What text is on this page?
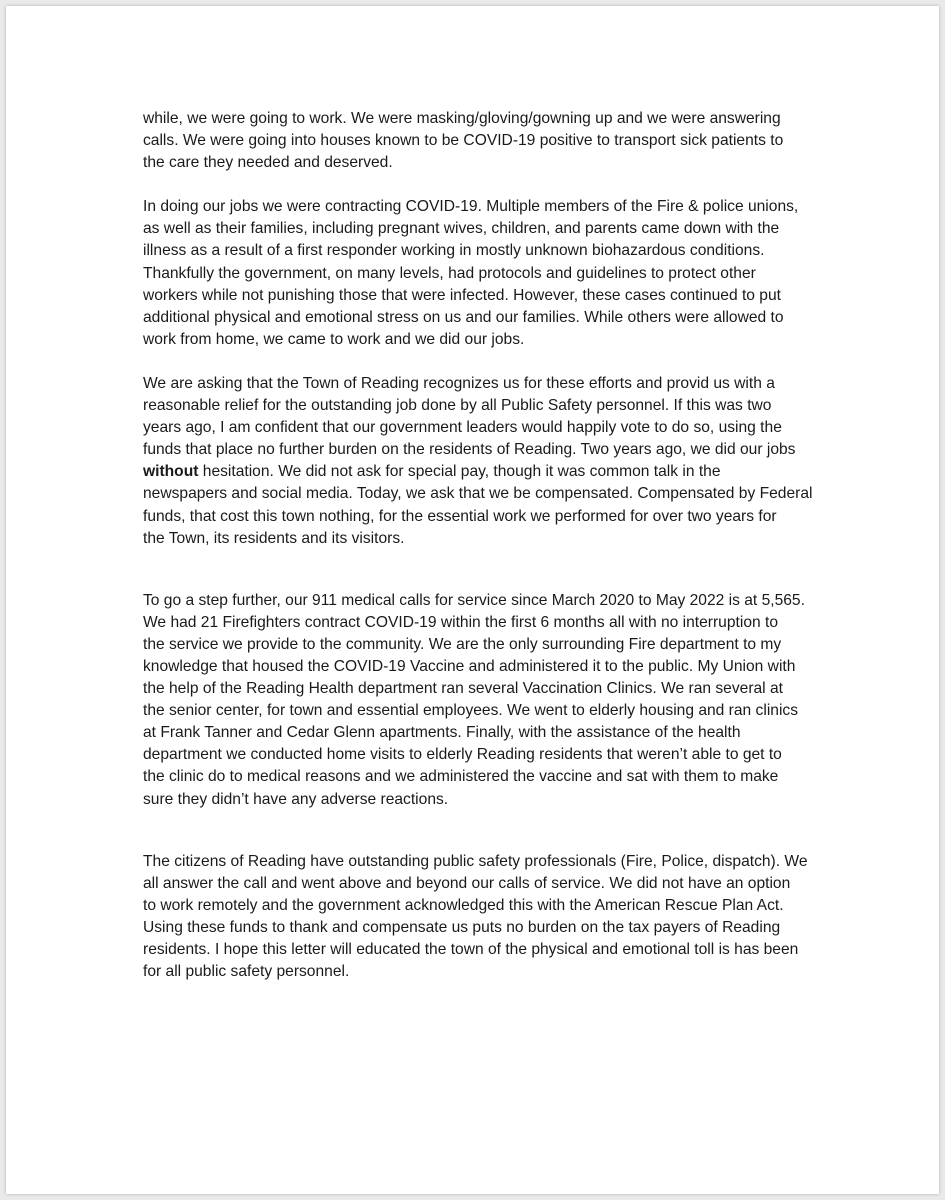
while, we were going to work. We were masking/gloving/gowning up and we were answering
calls. We were going into houses known to be COVID-19 positive to transport sick patients to
the care they needed and deserved.
In doing our jobs we were contracting COVID-19. Multiple members of the Fire & police unions,
as well as their families, including pregnant wives, children, and parents came down with the
illness as a result of a first responder working in mostly unknown biohazardous conditions.
Thankfully the government, on many levels, had protocols and guidelines to protect other
workers while not punishing those that were infected. However, these cases continued to put
additional physical and emotional stress on us and our families. While others were allowed to
work from home, we came to work and we did our jobs.
We are asking that the Town of Reading recognizes us for these efforts and provid us with a
reasonable relief for the outstanding job done by all Public Safety personnel. If this was two
years ago, I am confident that our government leaders would happily vote to do so, using the
funds that place no further burden on the residents of Reading. Two years ago, we did our jobs
without hesitation. We did not ask for special pay, though it was common talk in the
newspapers and social media. Today, we ask that we be compensated. Compensated by Federal
funds, that cost this town nothing, for the essential work we performed for over two years for
the Town, its residents and its visitors.
To go a step further, our 911 medical calls for service since March 2020 to May 2022 is at 5,565.
We had 21 Firefighters contract COVID-19 within the first 6 months all with no interruption to
the service we provide to the community. We are the only surrounding Fire department to my
knowledge that housed the COVID-19 Vaccine and administered it to the public. My Union with
the help of the Reading Health department ran several Vaccination Clinics. We ran several at
the senior center, for town and essential employees. We went to elderly housing and ran clinics
at Frank Tanner and Cedar Glenn apartments. Finally, with the assistance of the health
department we conducted home visits to elderly Reading residents that weren’t able to get to
the clinic do to medical reasons and we administered the vaccine and sat with them to make
sure they didn’t have any adverse reactions.
The citizens of Reading have outstanding public safety professionals (Fire, Police, dispatch). We
all answer the call and went above and beyond our calls of service. We did not have an option
to work remotely and the government acknowledged this with the American Rescue Plan Act.
Using these funds to thank and compensate us puts no burden on the tax payers of Reading
residents. I hope this letter will educated the town of the physical and emotional toll is has been
for all public safety personnel.
